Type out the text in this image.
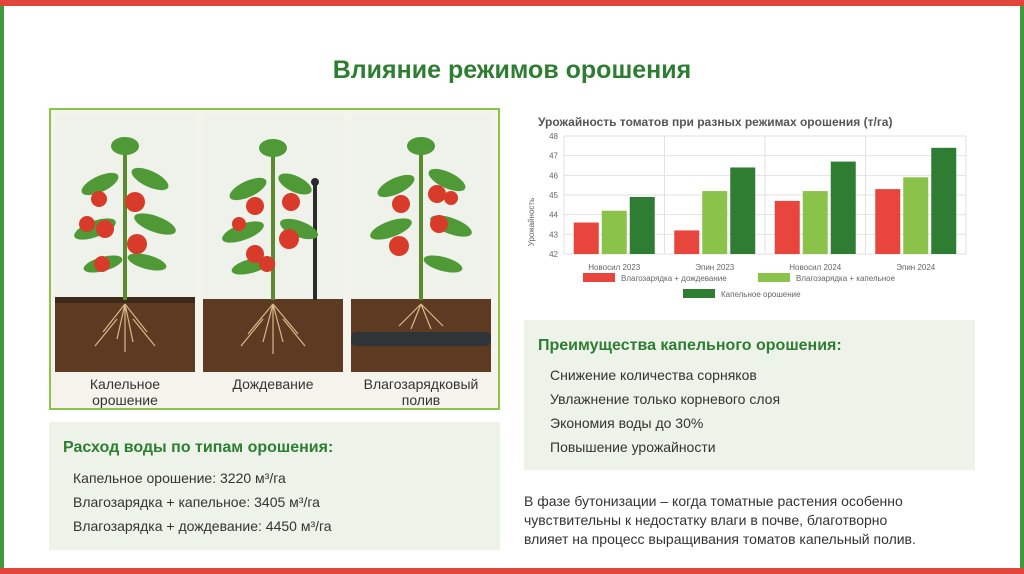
Влияние режимов орошения
Калельное
орошение
Дождевание	Влагозарядковый
полив
Расход воды по типам орошения:
Капельное орошение: 3220 м³/га
Влагозарядка + капельное: 3405 м³/га
Влагозарядка + дождевание: 4450 м³/га
Урожайность томатов при разных режимах орошения (т/га)
Урожайность
42
43
44
45
46
47
48
Новосил 2023	Эпин 2023	Новосил 2024	Эпин 2024
Влагозарядка + дождевание	Влагозарядка + капельное
Капельное орошение
Преимущества капельного орошения:
Снижение количества сорняков
Увлажнение только корневого слоя
Экономия воды до 30%
Повышение урожайности
В фазе бутонизации – когда томатные растения особенно
чувствительны к недостатку влаги в почве, благотворно
влияет на процесс выращивания томатов капельный полив.
